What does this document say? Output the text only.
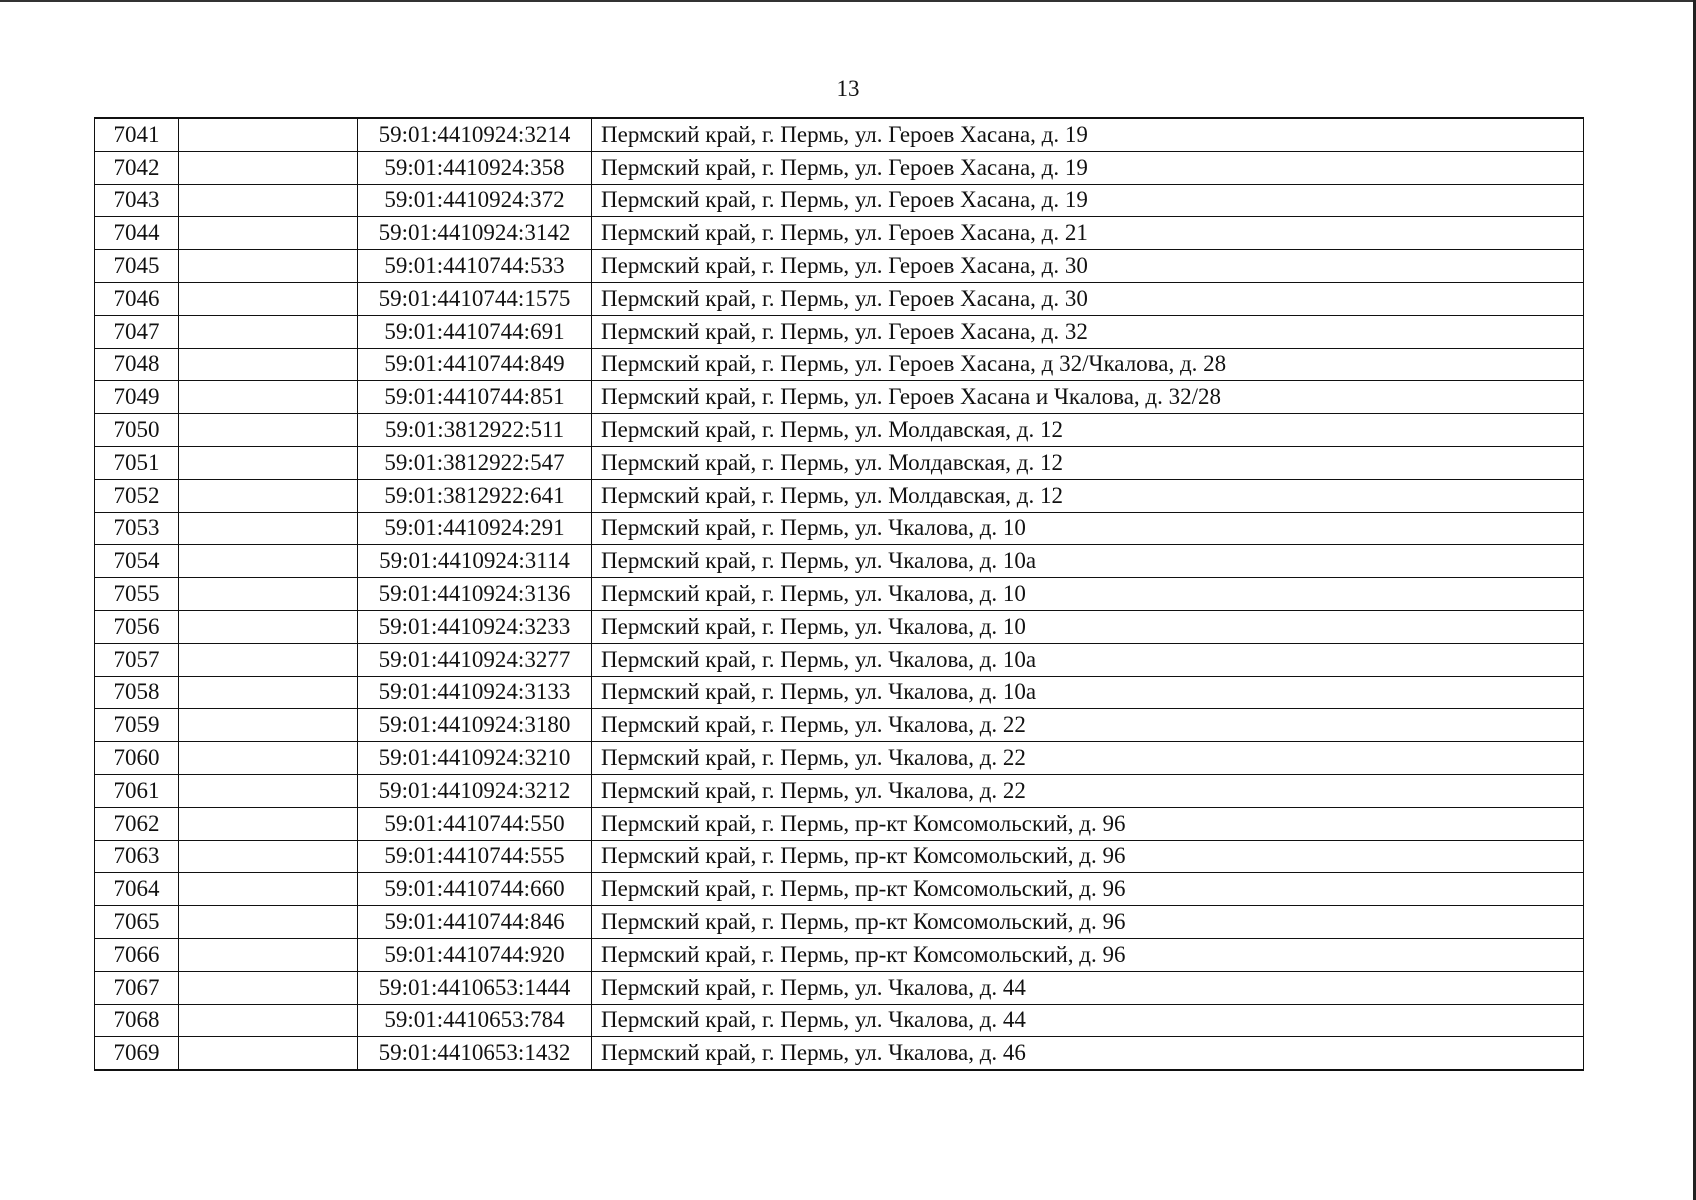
13
7041		59:01:4410924:3214	Пермский край, г. Пермь, ул. Героев Хасана, д. 19
7042		59:01:4410924:358	Пермский край, г. Пермь, ул. Героев Хасана, д. 19
7043		59:01:4410924:372	Пермский край, г. Пермь, ул. Героев Хасана, д. 19
7044		59:01:4410924:3142	Пермский край, г. Пермь, ул. Героев Хасана, д. 21
7045		59:01:4410744:533	Пермский край, г. Пермь, ул. Героев Хасана, д. 30
7046		59:01:4410744:1575	Пермский край, г. Пермь, ул. Героев Хасана, д. 30
7047		59:01:4410744:691	Пермский край, г. Пермь, ул. Героев Хасана, д. 32
7048		59:01:4410744:849	Пермский край, г. Пермь, ул. Героев Хасана, д 32/Чкалова, д. 28
7049		59:01:4410744:851	Пермский край, г. Пермь, ул. Героев Хасана и Чкалова, д. 32/28
7050		59:01:3812922:511	Пермский край, г. Пермь, ул. Молдавская, д. 12
7051		59:01:3812922:547	Пермский край, г. Пермь, ул. Молдавская, д. 12
7052		59:01:3812922:641	Пермский край, г. Пермь, ул. Молдавская, д. 12
7053		59:01:4410924:291	Пермский край, г. Пермь, ул. Чкалова, д. 10
7054		59:01:4410924:3114	Пермский край, г. Пермь, ул. Чкалова, д. 10а
7055		59:01:4410924:3136	Пермский край, г. Пермь, ул. Чкалова, д. 10
7056		59:01:4410924:3233	Пермский край, г. Пермь, ул. Чкалова, д. 10
7057		59:01:4410924:3277	Пермский край, г. Пермь, ул. Чкалова, д. 10а
7058		59:01:4410924:3133	Пермский край, г. Пермь, ул. Чкалова, д. 10а
7059		59:01:4410924:3180	Пермский край, г. Пермь, ул. Чкалова, д. 22
7060		59:01:4410924:3210	Пермский край, г. Пермь, ул. Чкалова, д. 22
7061		59:01:4410924:3212	Пермский край, г. Пермь, ул. Чкалова, д. 22
7062		59:01:4410744:550	Пермский край, г. Пермь, пр-кт Комсомольский, д. 96
7063		59:01:4410744:555	Пермский край, г. Пермь, пр-кт Комсомольский, д. 96
7064		59:01:4410744:660	Пермский край, г. Пермь, пр-кт Комсомольский, д. 96
7065		59:01:4410744:846	Пермский край, г. Пермь, пр-кт Комсомольский, д. 96
7066		59:01:4410744:920	Пермский край, г. Пермь, пр-кт Комсомольский, д. 96
7067		59:01:4410653:1444	Пермский край, г. Пермь, ул. Чкалова, д. 44
7068		59:01:4410653:784	Пермский край, г. Пермь, ул. Чкалова, д. 44
7069		59:01:4410653:1432	Пермский край, г. Пермь, ул. Чкалова, д. 46
